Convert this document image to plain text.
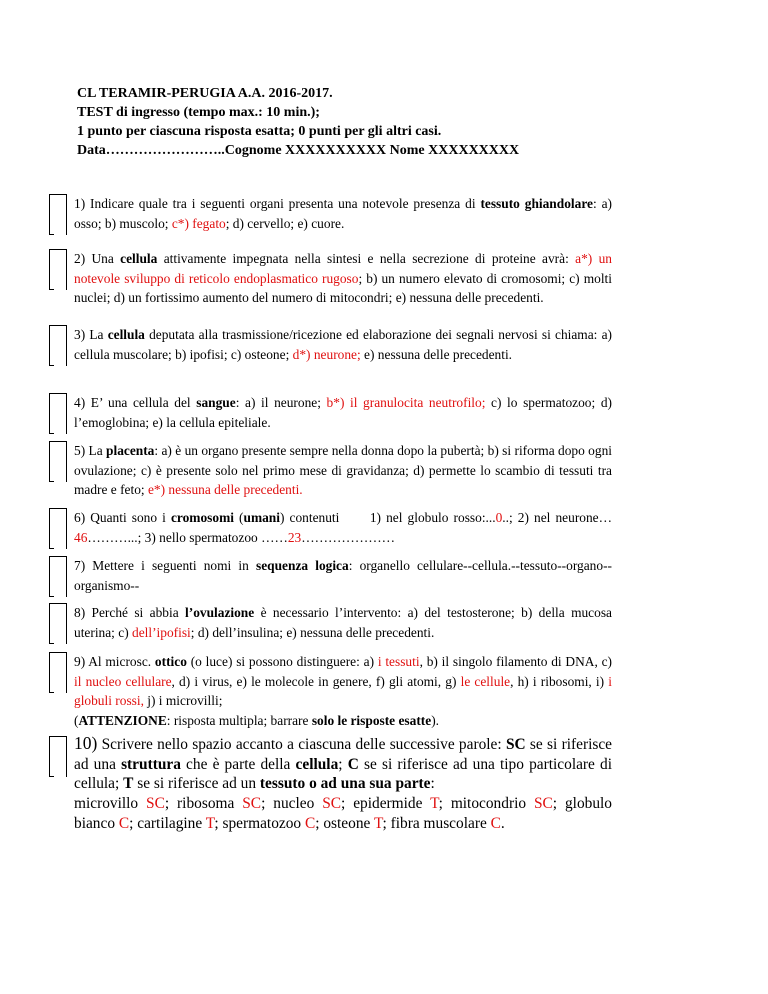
CL TERAMIR-PERUGIA A.A. 2016-2017.
TEST di ingresso (tempo max.: 10 min.);
1 punto per ciascuna risposta esatta; 0 punti per gli altri casi.
Data……………………..Cognome XXXXXXXXXX Nome XXXXXXXXX
1) Indicare quale tra i seguenti organi presenta una notevole presenza di tessuto ghiandolare: a) osso; b) muscolo; c*) fegato; d) cervello; e) cuore.
2) Una cellula attivamente impegnata nella sintesi e nella secrezione di proteine avrà: a*) un notevole sviluppo di reticolo endoplasmatico rugoso; b) un numero elevato di cromosomi; c) molti nuclei; d) un fortissimo aumento del numero di mitocondri; e) nessuna delle precedenti.
3) La cellula deputata alla trasmissione/ricezione ed elaborazione dei segnali nervosi si chiama: a) cellula muscolare; b) ipofisi; c) osteone; d*) neurone; e) nessuna delle precedenti.
4) E’ una cellula del sangue: a) il neurone; b*) il granulocita neutrofilo; c) lo spermatozoo; d) l’emoglobina; e) la cellula epiteliale.
5) La placenta: a) è un organo presente sempre nella donna dopo la pubertà; b) si riforma dopo ogni ovulazione; c) è presente solo nel primo mese di gravidanza; d) permette lo scambio di tessuti tra madre e feto; e*) nessuna delle precedenti.
6) Quanti sono i cromosomi (umani) contenuti      1) nel globulo rosso:...0..; 2) nel neurone…46………...; 3) nello spermatozoo ……23…………………
7) Mettere i seguenti nomi in sequenza logica: organello cellulare--cellula.--tessuto--organo-- organismo--
8) Perché si abbia l’ovulazione è necessario l’intervento: a) del testosterone; b) della mucosa uterina; c) dell’ipofisi; d) dell’insulina; e) nessuna delle precedenti.
9) Al microsc. ottico (o luce) si possono distinguere: a) i tessuti, b) il singolo filamento di DNA, c) il nucleo cellulare, d) i virus, e) le molecole in genere, f) gli atomi, g) le cellule, h) i ribosomi, i) i globuli rossi, j) i microvilli;
(ATTENZIONE: risposta multipla; barrare solo le risposte esatte).
10) Scrivere nello spazio accanto a ciascuna delle successive parole: SC se si riferisce ad una struttura che è parte della cellula; C se si riferisce ad una tipo particolare di cellula; T se si riferisce ad un tessuto o ad una sua parte:
microvillo SC; ribosoma SC; nucleo SC; epidermide T; mitocondrio SC; globulo bianco C; cartilagine T; spermatozoo C; osteone T; fibra muscolare C.
